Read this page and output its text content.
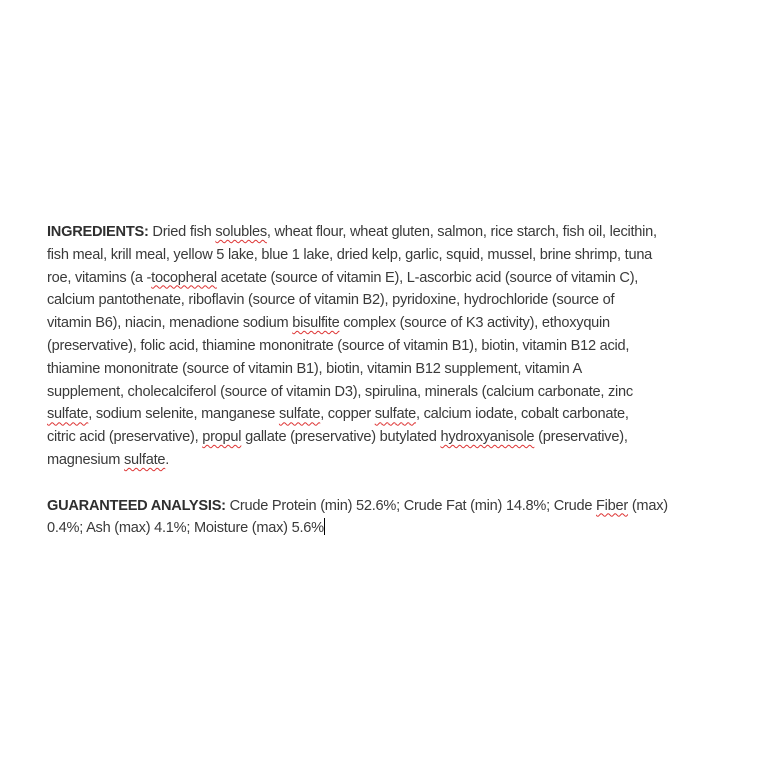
INGREDIENTS: Dried fish solubles, wheat flour, wheat gluten, salmon, rice starch, fish oil, lecithin,
fish meal, krill meal, yellow 5 lake, blue 1 lake, dried kelp, garlic, squid, mussel, brine shrimp, tuna
roe, vitamins (a -tocopheral acetate (source of vitamin E), L-ascorbic acid (source of vitamin C),
calcium pantothenate, riboflavin (source of vitamin B2), pyridoxine, hydrochloride (source of
vitamin B6), niacin, menadione sodium bisulfite complex (source of K3 activity), ethoxyquin
(preservative), folic acid, thiamine mononitrate (source of vitamin B1), biotin, vitamin B12 acid,
thiamine mononitrate (source of vitamin B1), biotin, vitamin B12 supplement, vitamin A
supplement, cholecalciferol (source of vitamin D3), spirulina, minerals (calcium carbonate, zinc
sulfate, sodium selenite, manganese sulfate, copper sulfate, calcium iodate, cobalt carbonate,
citric acid (preservative), propul gallate (preservative) butylated hydroxyanisole (preservative),
magnesium sulfate.
GUARANTEED ANALYSIS: Crude Protein (min) 52.6%; Crude Fat (min) 14.8%; Crude Fiber (max)
0.4%; Ash (max) 4.1%; Moisture (max) 5.6%
